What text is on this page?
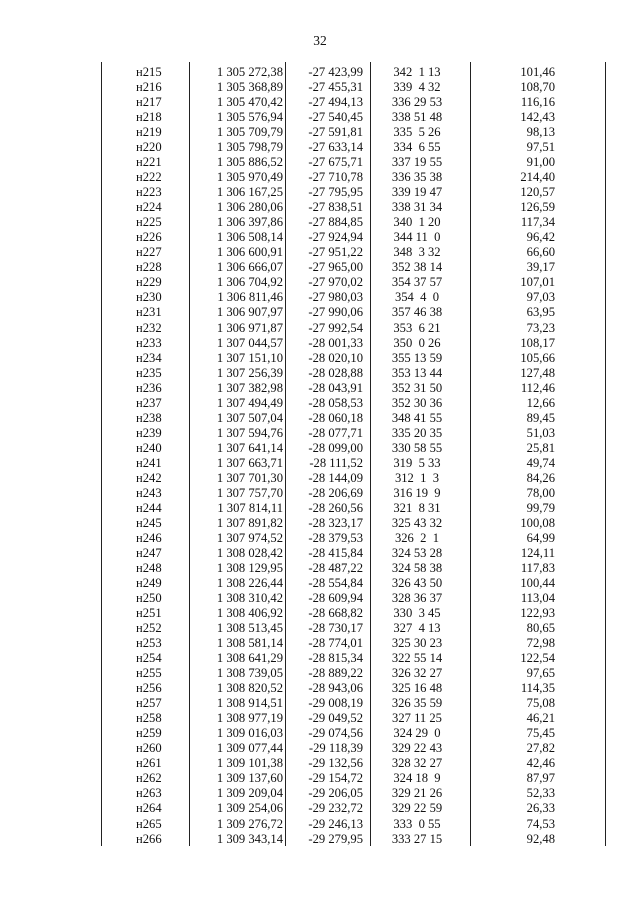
32
н215	1 305 272,38	-27 423,99	342  1 13	101,46
н216	1 305 368,89	-27 455,31	339  4 32	108,70
н217	1 305 470,42	-27 494,13	336 29 53	116,16
н218	1 305 576,94	-27 540,45	338 51 48	142,43
н219	1 305 709,79	-27 591,81	335  5 26	98,13
н220	1 305 798,79	-27 633,14	334  6 55	97,51
н221	1 305 886,52	-27 675,71	337 19 55	91,00
н222	1 305 970,49	-27 710,78	336 35 38	214,40
н223	1 306 167,25	-27 795,95	339 19 47	120,57
н224	1 306 280,06	-27 838,51	338 31 34	126,59
н225	1 306 397,86	-27 884,85	340  1 20	117,34
н226	1 306 508,14	-27 924,94	344 11  0	96,42
н227	1 306 600,91	-27 951,22	348  3 32	66,60
н228	1 306 666,07	-27 965,00	352 38 14	39,17
н229	1 306 704,92	-27 970,02	354 37 57	107,01
н230	1 306 811,46	-27 980,03	354  4  0	97,03
н231	1 306 907,97	-27 990,06	357 46 38	63,95
н232	1 306 971,87	-27 992,54	353  6 21	73,23
н233	1 307 044,57	-28 001,33	350  0 26	108,17
н234	1 307 151,10	-28 020,10	355 13 59	105,66
н235	1 307 256,39	-28 028,88	353 13 44	127,48
н236	1 307 382,98	-28 043,91	352 31 50	112,46
н237	1 307 494,49	-28 058,53	352 30 36	12,66
н238	1 307 507,04	-28 060,18	348 41 55	89,45
н239	1 307 594,76	-28 077,71	335 20 35	51,03
н240	1 307 641,14	-28 099,00	330 58 55	25,81
н241	1 307 663,71	-28 111,52	319  5 33	49,74
н242	1 307 701,30	-28 144,09	312  1  3	84,26
н243	1 307 757,70	-28 206,69	316 19  9	78,00
н244	1 307 814,11	-28 260,56	321  8 31	99,79
н245	1 307 891,82	-28 323,17	325 43 32	100,08
н246	1 307 974,52	-28 379,53	326  2  1	64,99
н247	1 308 028,42	-28 415,84	324 53 28	124,11
н248	1 308 129,95	-28 487,22	324 58 38	117,83
н249	1 308 226,44	-28 554,84	326 43 50	100,44
н250	1 308 310,42	-28 609,94	328 36 37	113,04
н251	1 308 406,92	-28 668,82	330  3 45	122,93
н252	1 308 513,45	-28 730,17	327  4 13	80,65
н253	1 308 581,14	-28 774,01	325 30 23	72,98
н254	1 308 641,29	-28 815,34	322 55 14	122,54
н255	1 308 739,05	-28 889,22	326 32 27	97,65
н256	1 308 820,52	-28 943,06	325 16 48	114,35
н257	1 308 914,51	-29 008,19	326 35 59	75,08
н258	1 308 977,19	-29 049,52	327 11 25	46,21
н259	1 309 016,03	-29 074,56	324 29  0	75,45
н260	1 309 077,44	-29 118,39	329 22 43	27,82
н261	1 309 101,38	-29 132,56	328 32 27	42,46
н262	1 309 137,60	-29 154,72	324 18  9	87,97
н263	1 309 209,04	-29 206,05	329 21 26	52,33
н264	1 309 254,06	-29 232,72	329 22 59	26,33
н265	1 309 276,72	-29 246,13	333  0 55	74,53
н266	1 309 343,14	-29 279,95	333 27 15	92,48
